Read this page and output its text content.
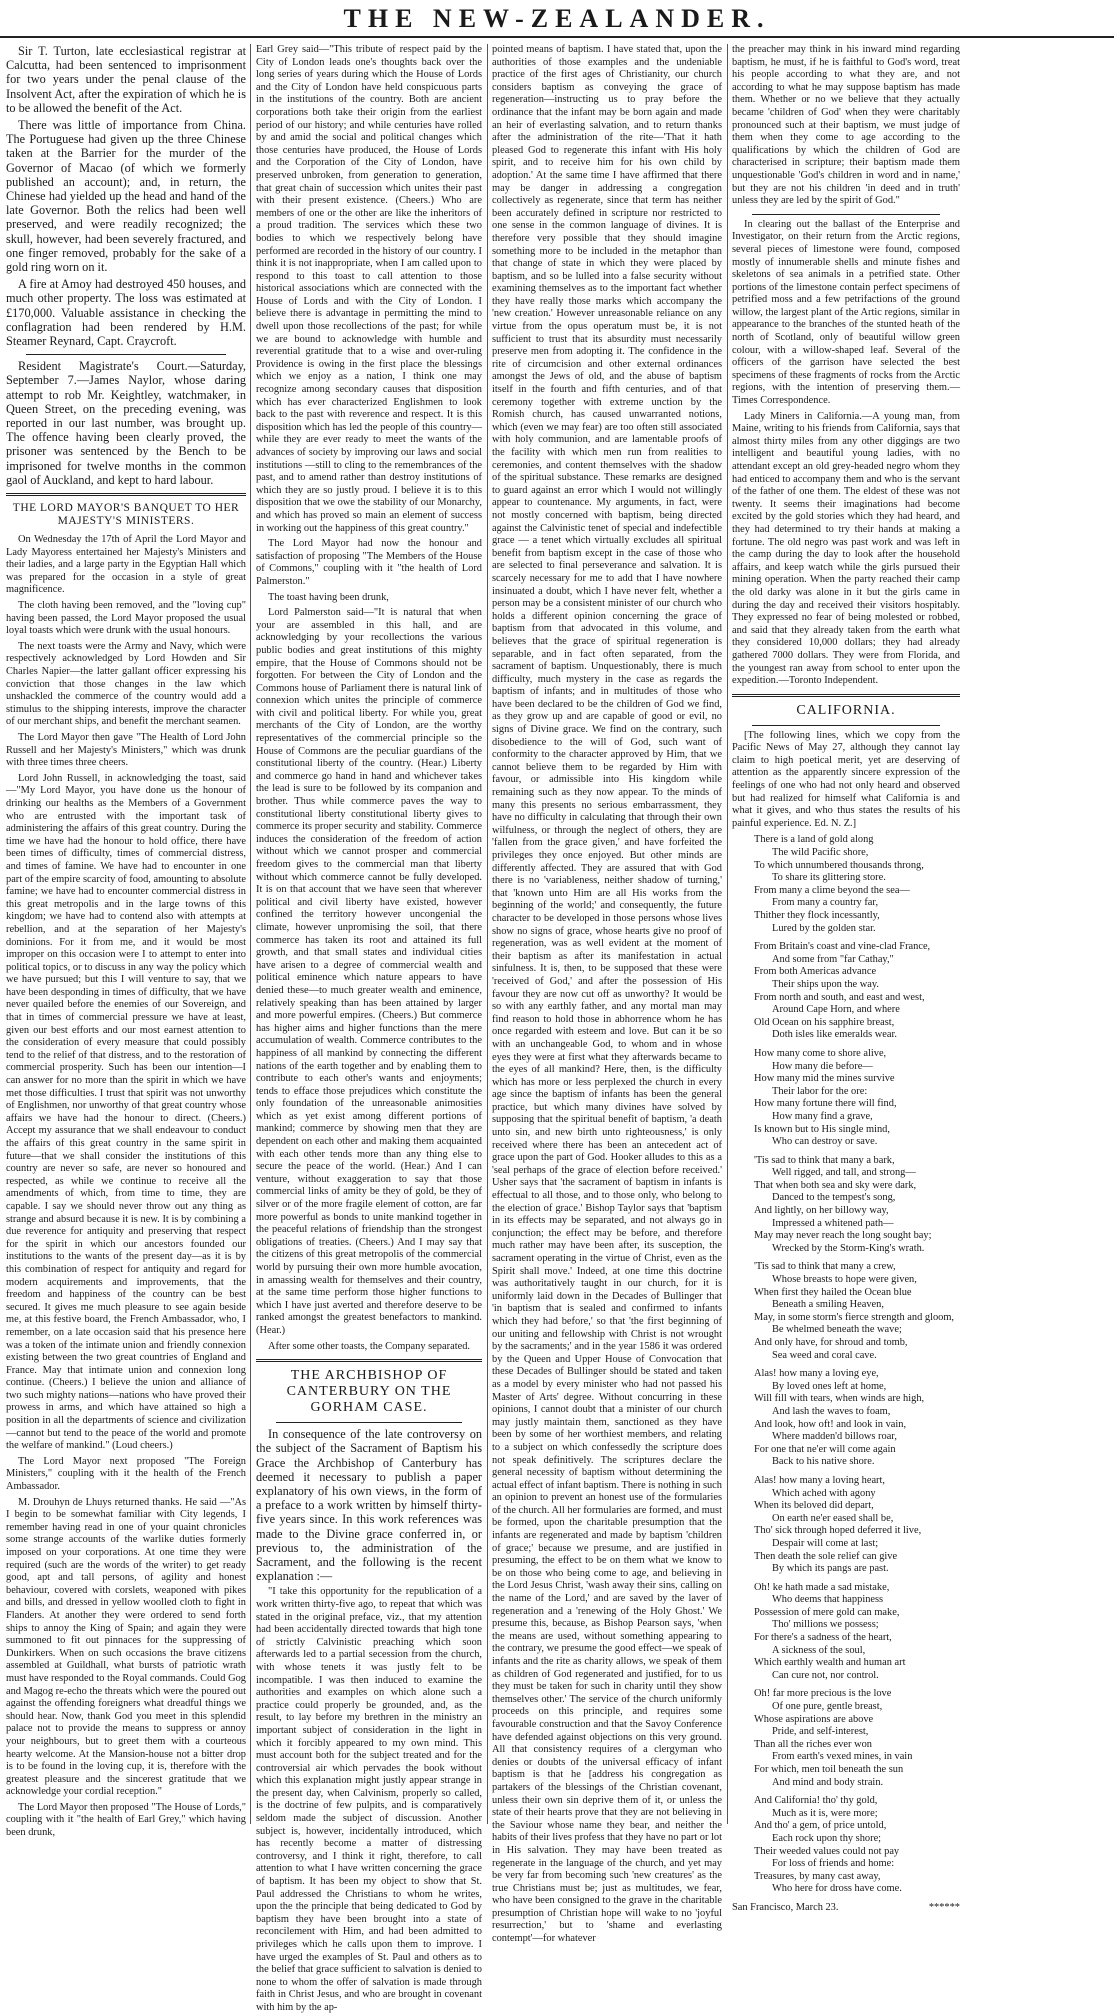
THE NEW-ZEALANDER.

Sir T. Turton, late ecclesiastical registrar at Calcutta, had been sentenced to imprisonment for two years under the penal clause of the Insolvent Act, after the expiration of which he is to be allowed the benefit of the Act.

There was little of importance from China. The Portuguese had given up the three Chinese taken at the Barrier for the murder of the Governor of Macao (of which we formerly published an account); and, in return, the Chinese had yielded up the head and hand of the late Governor. Both the relics had been well preserved, and were readily recognized; the skull, however, had been severely fractured, and one finger removed, probably for the sake of a gold ring worn on it.

A fire at Amoy had destroyed 450 houses, and much other property. The loss was estimated at £170,000. Valuable assistance in checking the conflagration had been rendered by H.M. Steamer Reynard, Capt. Craycroft.

Resident Magistrate's Court.—Saturday, September 7.—James Naylor, whose daring attempt to rob Mr. Keightley, watchmaker, in Queen Street, on the preceding evening, was reported in our last number, was brought up. The offence having been clearly proved, the prisoner was sentenced by the Bench to be imprisoned for twelve months in the common gaol of Auckland, and kept to hard labour.

THE LORD MAYOR'S BANQUET TO HER MAJESTY'S MINISTERS.

On Wednesday the 17th of April the Lord Mayor and Lady Mayoress entertained her Majesty's Ministers and their ladies, and a large party in the Egyptian Hall which was prepared for the occasion in a style of great magnificence.

The cloth having been removed, and the "loving cup" having been passed, the Lord Mayor proposed the usual loyal toasts which were drunk with the usual honours.

The next toasts were the Army and Navy, which were respectively acknowledged by Lord Howden and Sir Charles Napier—the latter gallant officer expressing his conviction that those changes in the law which unshackled the commerce of the country would add a stimulus to the shipping interests, improve the character of our merchant ships, and benefit the merchant seamen.

The Lord Mayor then gave "The Health of Lord John Russell and her Majesty's Ministers," which was drunk with three times three cheers.

Lord John Russell, in acknowledging the toast, said —"My Lord Mayor, you have done us the honour of drinking our healths as the Members of a Government who are entrusted with the important task of administering the affairs of this great country. During the time we have had the honour to hold office, there have been times of difficulty, times of commercial distress, and times of famine. We have had to encounter in one part of the empire scarcity of food, amounting to absolute famine; we have had to encounter commercial distress in this great metropolis and in the large towns of this kingdom; we have had to contend also with attempts at rebellion, and at the separation of her Majesty's dominions. For it from me, and it would be most improper on this occasion were I to attempt to enter into political topics, or to discuss in any way the policy which we have pursued; but this I will venture to say, that we have been desponding in times of difficulty, that we have never quailed before the enemies of our Sovereign, and that in times of commercial pressure we have at least, given our best efforts and our most earnest attention to the consideration of every measure that could possibly tend to the relief of that distress, and to the restoration of commercial prosperity. Such has been our intention—I can answer for no more than the spirit in which we have met those difficulties. I trust that spirit was not unworthy of Englishmen, nor unworthy of that great country whose affairs we have had the honour to direct. (Cheers.) Accept my assurance that we shall endeavour to conduct the affairs of this great country in the same spirit in future—that we shall consider the institutions of this country are never so safe, are never so honoured and respected, as while we continue to receive all the amendments of which, from time to time, they are capable. I say we should never throw out any thing as strange and absurd because it is new. It is by combining a due reverence for antiquity and preserving that respect for the spirit in which our ancestors founded our institutions to the wants of the present day—as it is by this combination of respect for antiquity and regard for modern acquirements and improvements, that the freedom and happiness of the country can be best secured. It gives me much pleasure to see again beside me, at this festive board, the French Ambassador, who, I remember, on a late occasion said that his presence here was a token of the intimate union and friendly connexion existing between the two great countries of England and France. May that intimate union and connexion long continue. (Cheers.) I believe the union and alliance of two such mighty nations—nations who have proved their prowess in arms, and which have attained so high a position in all the departments of science and civilization—cannot but tend to the peace of the world and promote the welfare of mankind." (Loud cheers.)

The Lord Mayor next proposed "The Foreign Ministers," coupling with it the health of the French Ambassador.

M. Drouhyn de Lhuys returned thanks. He said —"As I begin to be somewhat familiar with City legends, I remember having read in one of your quaint chronicles some strange accounts of the warlike duties formerly imposed on your corporations. At one time they were required (such are the words of the writer) to get ready good, apt and tall persons, of agility and honest behaviour, covered with corslets, weaponed with pikes and bills, and dressed in yellow woolled cloth to fight in Flanders. At another they were ordered to send forth ships to annoy the King of Spain; and again they were summoned to fit out pinnaces for the suppressing of Dunkirkers. When on such occasions the brave citizens assembled at Guildhall, what bursts of patriotic wrath must have responded to the Royal commands. Could Gog and Magog re-echo the threats which were the poured out against the offending foreigners what dreadful things we should hear. Now, thank God you meet in this splendid palace not to provide the means to suppress or annoy your neighbours, but to greet them with a courteous hearty welcome. At the Mansion-house not a bitter drop is to be found in the loving cup, it is, therefore with the greatest pleasure and the sincerest gratitude that we acknowledge your cordial reception."

The Lord Mayor then proposed "The House of Lords," coupling with it "the health of Earl Grey," which having been drunk,

Earl Grey said—"This tribute of respect paid by the City of London leads one's thoughts back over the long series of years during which the House of Lords and the City of London have held conspicuous parts in the institutions of the country. Both are ancient corporations both take their origin from the earliest period of our history; and while centuries have rolled by and amid the social and political changes which those centuries have produced, the House of Lords and the Corporation of the City of London, have preserved unbroken, from generation to generation, that great chain of succession which unites their past with their present existence. (Cheers.) Who are members of one or the other are like the inheritors of a proud tradition. The services which these two bodies to which we respectively belong have performed are recorded in the history of our country. I think it is not inappropriate, when I am called upon to respond to this toast to call attention to those historical associations which are connected with the House of Lords and with the City of London. I believe there is advantage in permitting the mind to dwell upon those recollections of the past; for while we are bound to acknowledge with humble and reverential gratitude that to a wise and over-ruling Providence is owing in the first place the blessings which we enjoy as a nation, I think one may recognize among secondary causes that disposition which has ever characterized Englishmen to look back to the past with reverence and respect. It is this disposition which has led the people of this country—while they are ever ready to meet the wants of the advances of society by improving our laws and social institutions —still to cling to the remembrances of the past, and to amend rather than destroy institutions of which they are so justly proud. I believe it is to this disposition that we owe the stability of our Monarchy, and which has proved so main an element of success in working out the happiness of this great country."

The Lord Mayor had now the honour and satisfaction of proposing "The Members of the House of Commons," coupling with it "the health of Lord Palmerston."

The toast having been drunk,

Lord Palmerston said—"It is natural that when your are assembled in this hall, and are acknowledging by your recollections the various public bodies and great institutions of this mighty empire, that the House of Commons should not be forgotten. For between the City of London and the Commons house of Parliament there is natural link of connexion which unites the principle of commerce with civil and political liberty. For while you, great merchants of the City of London, are the worthy representatives of the commercial principle so the House of Commons are the peculiar guardians of the constitutional liberty of the country. (Hear.) Liberty and commerce go hand in hand and whichever takes the lead is sure to be followed by its companion and brother. Thus while commerce paves the way to constitutional liberty constitutional liberty gives to commerce its proper security and stability. Commerce induces the consideration of the freedom of action without which we cannot prosper and commercial freedom gives to the commercial man that liberty without which commerce cannot be fully developed. It is on that account that we have seen that wherever political and civil liberty have existed, however confined the territory however uncongenial the climate, however unpromising the soil, that there commerce has taken its root and attained its full growth, and that small states and individual cities have arisen to a degree of commercial wealth and political eminence which nature appears to have denied these—to much greater wealth and eminence, relatively speaking than has been attained by larger and more powerful empires. (Cheers.) But commerce has higher aims and higher functions than the mere accumulation of wealth. Commerce contributes to the happiness of all mankind by connecting the different nations of the earth together and by enabling them to contribute to each other's wants and enjoyments; tends to efface those prejudices which constitute the only foundation of the unreasonable animosities which as yet exist among different portions of mankind; commerce by showing men that they are dependent on each other and making them acquainted with each other tends more than any thing else to secure the peace of the world. (Hear.) And I can venture, without exaggeration to say that those commercial links of amity be they of gold, be they of silver or of the more fragile element of cotton, are far more powerful as bonds to unite mankind together in the peaceful relations of friendship than the strongest obligations of treaties. (Cheers.) And I may say that the citizens of this great metropolis of the commercial world by pursuing their own more humble avocation, in amassing wealth for themselves and their country, at the same time perform those higher functions to which I have just averted and therefore deserve to be ranked amongst the greatest benefactors to mankind. (Hear.)

After some other toasts, the Company separated.

THE ARCHBISHOP OF CANTERBURY ON THE GORHAM CASE.

In consequence of the late controversy on the subject of the Sacrament of Baptism his Grace the Archbishop of Canterbury has deemed it necessary to publish a paper explanatory of his own views, in the form of a preface to a work written by himself thirty-five years since. In this work references was made to the Divine grace conferred in, or previous to, the administration of the Sacrament, and the following is the recent explanation :—

"I take this opportunity for the republication of a work written thirty-five ago, to repeat that which was stated in the original preface, viz., that my attention had been accidentally directed towards that high tone of strictly Calvinistic preaching which soon afterwards led to a partial secession from the church, with whose tenets it was justly felt to be incompatible. I was then induced to examine the authorities and examples on which alone such a practice could properly be grounded, and, as the result, to lay before my brethren in the ministry an important subject of consideration in the light in which it forcibly appeared to my own mind. This must account both for the subject treated and for the controversial air which pervades the book without which this explanation might justly appear strange in the present day, when Calvinism, properly so called, is the doctrine of few pulpits, and is comparatively seldom made the subject of discussion. Another subject is, however, incidentally introduced, which has recently become a matter of distressing controversy, and I think it right, therefore, to call attention to what I have written concerning the grace of baptism. It has been my object to show that St. Paul addressed the Christians to whom he writes, upon the the principle that being dedicated to God by baptism they have been brought into a state of reconcilement with Him, and had been admitted to privileges which he calls upon them to improve. I have urged the examples of St. Paul and others as to the belief that grace sufficient to salvation is denied to none to whom the offer of salvation is made through faith in Christ Jesus, and who are brought in covenant with him by the ap-

pointed means of baptism. I have stated that, upon the authorities of those examples and the undeniable practice of the first ages of Christianity, our church considers baptism as conveying the grace of regeneration—instructing us to pray before the ordinance that the infant may be born again and made an heir of everlasting salvation, and to return thanks after the administration of the rite—'That it hath pleased God to regenerate this infant with His holy spirit, and to receive him for his own child by adoption.' At the same time I have affirmed that there may be danger in addressing a congregation collectively as regenerate, since that term has neither been accurately defined in scripture nor restricted to one sense in the common language of divines. It is therefore very possible that they should imagine something more to be included in the metaphor than that change of state in which they were placed by baptism, and so be lulled into a false security without examining themselves as to the important fact whether they have really those marks which accompany the 'new creation.' However unreasonable reliance on any virtue from the opus operatum must be, it is not sufficient to trust that its absurdity must necessarily preserve men from adopting it. The confidence in the rite of circumcision and other external ordinances amongst the Jews of old, and the abuse of baptism itself in the fourth and fifth centuries, and of that ceremony together with extreme unction by the Romish church, has caused unwarranted notions, which (even we may fear) are too often still associated with holy communion, and are lamentable proofs of the facility with which men run from realities to ceremonies, and content themselves with the shadow of the spiritual substance. These remarks are designed to guard against an error which I would not willingly appear to countenance. My arguments, in fact, were not mostly concerned with baptism, being directed against the Calvinistic tenet of special and indefectible grace — a tenet which virtually excludes all spiritual benefit from baptism except in the case of those who are selected to final perseverance and salvation. It is scarcely necessary for me to add that I have nowhere insinuated a doubt, which I have never felt, whether a person may be a consistent minister of our church who holds a different opinion concerning the grace of baptism from that advocated in this volume, and believes that the grace of spiritual regeneration is separable, and in fact often separated, from the sacrament of baptism. Unquestionably, there is much difficulty, much mystery in the case as regards the baptism of infants; and in multitudes of those who have been declared to be the children of God we find, as they grow up and are capable of good or evil, no signs of Divine grace. We find on the contrary, such disobedience to the will of God, such want of conformity to the character approved by Him, that we cannot believe them to be regarded by Him with favour, or admissible into His kingdom while remaining such as they now appear. To the minds of many this presents no serious embarrassment, they have no difficulty in calculating that through their own wilfulness, or through the neglect of others, they are 'fallen from the grace given,' and have forfeited the privileges they once enjoyed. But other minds are differently affected. They are assured that with God there is no 'variableness, neither shadow of turning,' that 'known unto Him are all His works from the beginning of the world;' and consequently, the future character to be developed in those persons whose lives show no signs of grace, whose hearts give no proof of regeneration, was as well evident at the moment of their baptism as after its manifestation in actual sinfulness. It is, then, to be supposed that these were 'received of God,' and after the possession of His favour they are now cut off as unworthy? It would be so with any earthly father, and any mortal man may find reason to hold those in abhorrence whom he has once regarded with esteem and love. But can it be so with an unchangeable God, to whom and in whose eyes they were at first what they afterwards became to the eyes of all mankind? Here, then, is the difficulty which has more or less perplexed the church in every age since the baptism of infants has been the general practice, but which many divines have solved by supposing that the spiritual benefit of baptism, 'a death unto sin, and new birth unto righteousness,' is only received where there has been an antecedent act of grace upon the part of God. Hooker alludes to this as a 'seal perhaps of the grace of election before received.' Usher says that 'the sacrament of baptism in infants is effectual to all those, and to those only, who belong to the election of grace.' Bishop Taylor says that 'baptism in its effects may be separated, and not always go in conjunction; the effect may be before, and therefore much rather may have been after, its susception, the sacrament operating in the virtue of Christ, even as the Spirit shall move.' Indeed, at one time this doctrine was authoritatively taught in our church, for it is uniformly laid down in the Decades of Bullinger that 'in baptism that is sealed and confirmed to infants which they had before,' so that 'the first beginning of our uniting and fellowship with Christ is not wrought by the sacraments;' and in the year 1586 it was ordered by the Queen and Upper House of Convocation that these Decades of Bullinger should be stated and taken as a model by every minister who had not passed his Master of Arts' degree. Without concurring in these opinions, I cannot doubt that a minister of our church may justly maintain them, sanctioned as they have been by some of her worthiest members, and relating to a subject on which confessedly the scripture does not speak definitively. The scriptures declare the general necessity of baptism without determining the actual effect of infant baptism. There is nothing in such an opinion to prevent an honest use of the formularies of the church. All her formularies are formed, and must be formed, upon the charitable presumption that the infants are regenerated and made by baptism 'children of grace;' because we presume, and are justified in presuming, the effect to be on them what we know to be on those who being come to age, and believing in the Lord Jesus Christ, 'wash away their sins, calling on the name of the Lord,' and are saved by the laver of regeneration and a 'renewing of the Holy Ghost.' We presume this, because, as Bishop Pearson says, 'when the means are used, without something appearing to the contrary, we presume the good effect—we speak of infants and the rite as charity allows, we speak of them as children of God regenerated and justified, for to us they must be taken for such in charity until they show themselves other.' The service of the church uniformly proceeds on this principle, and requires some favourable construction and that the Savoy Conference have defended against objections on this very ground. All that consistency requires of a clergyman who denies or doubts of the universal efficacy of infant baptism is that he [address his congregation as partakers of the blessings of the Christian covenant, unless their own sin deprive them of it, or unless the state of their hearts prove that they are not believing in the Saviour whose name they bear, and neither the habits of their lives profess that they have no part or lot in His salvation. They may have been treated as regenerate in the language of the church, and yet may be very far from becoming such 'new creatures' as the true Christians must be; just as multitudes, we fear, who have been consigned to the grave in the charitable presumption of Christian hope will wake to no 'joyful resurrection,' but to 'shame and everlasting contempt'—for whatever

the preacher may think in his inward mind regarding baptism, he must, if he is faithful to God's word, treat his people according to what they are, and not according to what he may suppose baptism has made them. Whether or no we believe that they actually became 'children of God' when they were charitably pronounced such at their baptism, we must judge of them when they come to age according to the qualifications by which the children of God are characterised in scripture; their baptism made them unquestionable 'God's children in word and in name,' but they are not his children 'in deed and in truth' unless they are led by the spirit of God."

In clearing out the ballast of the Enterprise and Investigator, on their return from the Arctic regions, several pieces of limestone were found, composed mostly of innumerable shells and minute fishes and skeletons of sea animals in a petrified state. Other portions of the limestone contain perfect specimens of petrified moss and a few petrifactions of the ground willow, the largest plant of the Artic regions, similar in appearance to the branches of the stunted heath of the north of Scotland, only of beautiful willow green colour, with a willow-shaped leaf. Several of the officers of the garrison have selected the best specimens of these fragments of rocks from the Arctic regions, with the intention of preserving them.—Times Correspondence.

Lady Miners in California.—A young man, from Maine, writing to his friends from California, says that almost thirty miles from any other diggings are two intelligent and beautiful young ladies, with no attendant except an old grey-headed negro whom they had enticed to accompany them and who is the servant of the father of one them. The eldest of these was not twenty. It seems their imaginations had become excited by the gold stories which they had heard, and they had determined to try their hands at making a fortune. The old negro was past work and was left in the camp during the day to look after the household affairs, and keep watch while the girls pursued their mining operation. When the party reached their camp the old darky was alone in it but the girls came in during the day and received their visitors hospitably. They expressed no fear of being molested or robbed, and said that they already taken from the earth what they considered 10,000 dollars; they had already gathered 7000 dollars. They were from Florida, and the youngest ran away from school to enter upon the expedition.—Toronto Independent.

CALIFORNIA.

[The following lines, which we copy from the Pacific News of May 27, although they cannot lay claim to high poetical merit, yet are deserving of attention as the apparently sincere expression of the feelings of one who had not only heard and observed but had realized for himself what California is and what it gives, and who thus states the results of his painful experience. Ed. N. Z.]

There is a land of gold along
The wild Pacific shore,
To which unnumbered thousands throng,
To share its glittering store.
From many a clime beyond the sea—
From many a country far,
Thither they flock incessantly,
Lured by the golden star.
From Britain's coast and vine-clad France,
And some from "far Cathay,"
From both Americas advance
Their ships upon the way.
From north and south, and east and west,
Around Cape Horn, and where
Old Ocean on his sapphire breast,
Doth isles like emeralds wear.
How many come to shore alive,
How many die before—
How many mid the mines survive
Their labor for the ore:
How many fortune there will find,
How many find a grave,
Is known but to His single mind,
Who can destroy or save.
'Tis sad to think that many a bark,
Well rigged, and tall, and strong—
That when both sea and sky were dark,
Danced to the tempest's song,
And lightly, on her billowy way,
Impressed a whitened path—
May may never reach the long sought bay;
Wrecked by the Storm-King's wrath.
'Tis sad to think that many a crew,
Whose breasts to hope were given,
When first they hailed the Ocean blue
Beneath a smiling Heaven,
May, in some storm's fierce strength and gloom,
Be whelmed beneath the wave;
And only have, for shroud and tomb,
Sea weed and coral cave.
Alas! how many a loving eye,
By loved ones left at home,
Will fill with tears, when winds are high,
And lash the waves to foam,
And look, how oft! and look in vain,
Where madden'd billows roar,
For one that ne'er will come again
Back to his native shore.
Alas! how many a loving heart,
Which ached with agony
When its beloved did depart,
On earth ne'er eased shall be,
Tho' sick through hoped deferred it live,
Despair will come at last;
Then death the sole relief can give
By which its pangs are past.
Oh! ke hath made a sad mistake,
Who deems that happiness
Possession of mere gold can make,
Tho' millions we possess;
For there's a sadness of the heart,
A sickness of the soul,
Which earthly wealth and human art
Can cure not, nor control.
Oh! far more precious is the love
Of one pure, gentle breast,
Whose aspirations are above
Pride, and self-interest,
Than all the riches ever won
From earth's vexed mines, in vain
For which, men toil beneath the sun
And mind and body strain.
And California! tho' thy gold,
Much as it is, were more;
And tho' a gem, of price untold,
Each rock upon thy shore;
Their weeded values could not pay
For loss of friends and home:
Treasures, by many cast away,
Who here for dross have come.
San Francisco, March 23.	******
